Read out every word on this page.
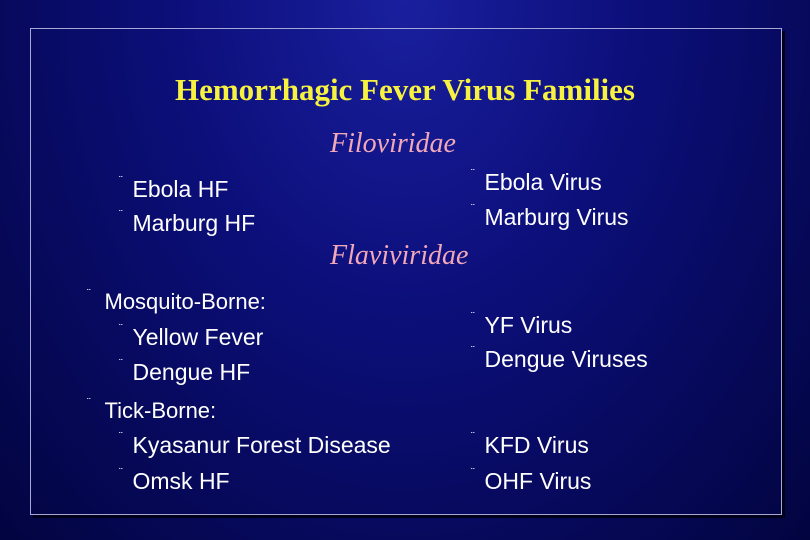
Hemorrhagic Fever Virus Families
Filoviridae
¨ Ebola HF
¨ Marburg HF
¨ Ebola Virus
¨ Marburg Virus
Flaviviridae
¨ Mosquito-Borne:
¨ Yellow Fever
¨ Dengue HF
¨ YF Virus
¨ Dengue Viruses
¨ Tick-Borne:
¨ Kyasanur Forest Disease
¨ Omsk HF
¨ KFD Virus
¨ OHF Virus
